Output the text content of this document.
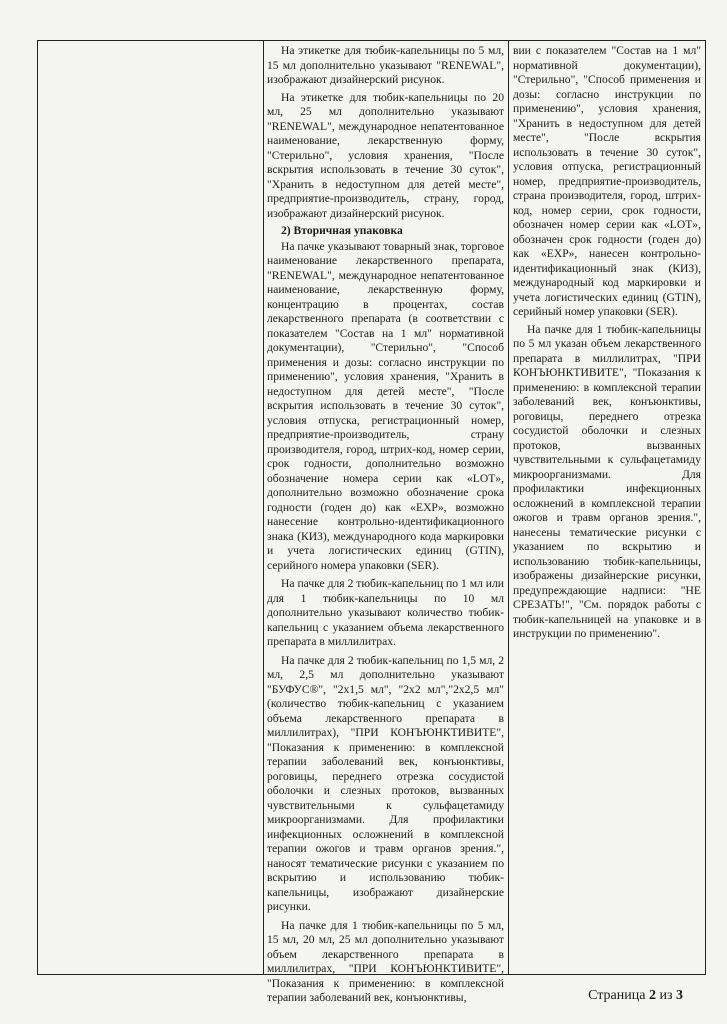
На этикетке для тюбик-капельницы по 5 мл, 15 мл дополнительно указывают "RENEWAL", изображают дизайнерский рисунок.

На этикетке для тюбик-капельницы по 20 мл, 25 мл дополнительно указывают "RENEWAL", международное непатентованное наименование, лекарственную форму, "Стерильно", условия хранения, "После вскрытия использовать в течение 30 суток", "Хранить в недоступном для детей месте", предприятие-производитель, страну, город, изображают дизайнерский рисунок.

2) Вторичная упаковка

На пачке указывают товарный знак, торговое наименование лекарственного препарата, "RENEWAL", международное непатентованное наименование, лекарственную форму, концентрацию в процентах, состав лекарственного препарата (в соответствии с показателем "Состав на 1 мл" нормативной документации), "Стерильно", "Способ применения и дозы: согласно инструкции по применению", условия хранения, "Хранить в недоступном для детей месте", "После вскрытия использовать в течение 30 суток", условия отпуска, регистрационный номер, предприятие-производитель, страну производителя, город, штрих-код, номер серии, срок годности, дополнительно возможно обозначение номера серии как «LOT», дополнительно возможно обозначение срока годности (годен до) как «EXP», возможно нанесение контрольно-идентификационного знака (КИЗ), международного кода маркировки и учета логистических единиц (GTIN), серийного номера упаковки (SER).

На пачке для 2 тюбик-капельниц по 1 мл или для 1 тюбик-капельницы по 10 мл дополнительно указывают количество тюбик-капельниц с указанием объема лекарственного препарата в миллилитрах.

На пачке для 2 тюбик-капельниц по 1,5 мл, 2 мл, 2,5 мл дополнительно указывают "БУФУС®", "2х1,5 мл", "2х2 мл","2х2,5 мл" (количество тюбик-капельниц с указанием объема лекарственного препарата в миллилитрах), "ПРИ КОНЪЮНКТИВИТЕ", "Показания к применению: в комплексной терапии заболеваний век, конъюнктивы, роговицы, переднего отрезка сосудистой оболочки и слезных протоков, вызванных чувствительными к сульфацетамиду микроорганизмами. Для профилактики инфекционных осложнений в комплексной терапии ожогов и травм органов зрения.", наносят тематические рисунки с указанием по вскрытию и использованию тюбик-капельницы, изображают дизайнерские рисунки.

На пачке для 1 тюбик-капельницы по 5 мл, 15 мл, 20 мл, 25 мл дополнительно указывают объем лекарственного препарата в миллилитрах, "ПРИ КОНЪЮНКТИВИТЕ", "Показания к применению: в комплексной терапии заболеваний век, конъюнктивы,

вии с показателем "Состав на 1 мл" нормативной документации), "Стерильно", "Способ применения и дозы: согласно инструкции по применению", условия хранения, "Хранить в недоступном для детей месте", "После вскрытия использовать в течение 30 суток", условия отпуска, регистрационный номер, предприятие-производитель, страна производителя, город, штрих-код, номер серии, срок годности, обозначен номер серии как «LOT», обозначен срок годности (годен до) как «EXP», нанесен контрольно-идентификационный знак (КИЗ), международный код маркировки и учета логистических единиц (GTIN), серийный номер упаковки (SER).

На пачке для 1 тюбик-капельницы по 5 мл указан объем лекарственного препарата в миллилитрах, "ПРИ КОНЪЮНКТИВИТЕ", "Показания к применению: в комплексной терапии заболеваний век, конъюнктивы, роговицы, переднего отрезка сосудистой оболочки и слезных протоков, вызванных чувствительными к сульфацетамиду микроорганизмами. Для профилактики инфекционных осложнений в комплексной терапии ожогов и травм органов зрения.", нанесены тематические рисунки с указанием по вскрытию и использованию тюбик-капельницы, изображены дизайнерские рисунки, предупреждающие надписи: "НЕ СРЕЗАТЬ!", "См. порядок работы с тюбик-капельницей на упаковке и в инструкции по применению".

Страница 2 из 3
